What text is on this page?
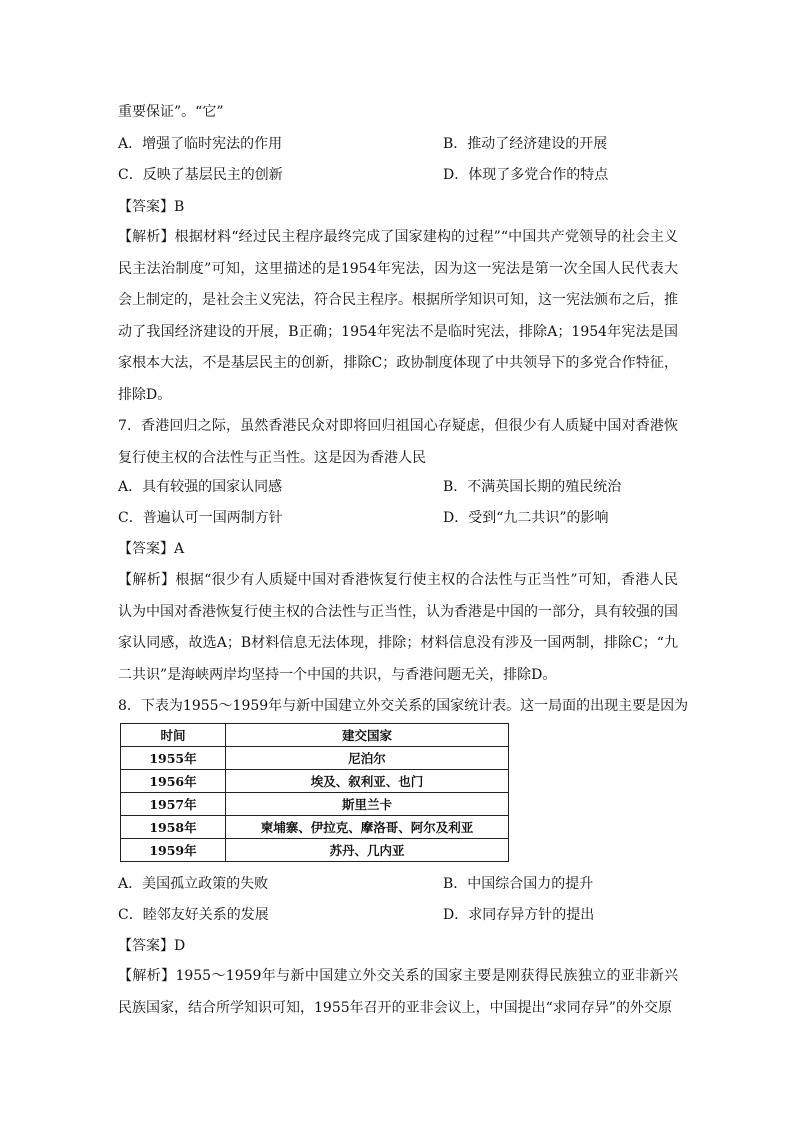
重要保证”。“它”
A．增强了临时宪法的作用	B．推动了经济建设的开展
C．反映了基层民主的创新	D．体现了多党合作的特点
【答案】B
【解析】根据材料“经过民主程序最终完成了国家建构的过程”“中国共产党领导的社会主义民主法治制度”可知，这里描述的是1954年宪法，因为这一宪法是第一次全国人民代表大会上制定的，是社会主义宪法，符合民主程序。根据所学知识可知，这一宪法颁布之后，推动了我国经济建设的开展，B正确；1954年宪法不是临时宪法，排除A；1954年宪法是国家根本大法，不是基层民主的创新，排除C；政协制度体现了中共领导下的多党合作特征，排除D。
7．香港回归之际，虽然香港民众对即将回归祖国心存疑虑，但很少有人质疑中国对香港恢复行使主权的合法性与正当性。这是因为香港人民
A．具有较强的国家认同感	B．不满英国长期的殖民统治
C．普遍认可一国两制方针	D．受到“九二共识”的影响
【答案】A
【解析】根据“很少有人质疑中国对香港恢复行使主权的合法性与正当性”可知，香港人民认为中国对香港恢复行使主权的合法性与正当性，认为香港是中国的一部分，具有较强的国家认同感，故选A；B材料信息无法体现，排除；材料信息没有涉及一国两制，排除C；“九二共识”是海峡两岸均坚持一个中国的共识，与香港问题无关，排除D。
8．下表为1955～1959年与新中国建立外交关系的国家统计表。这一局面的出现主要是因为
时间	建交国家
1955年	尼泊尔
1956年	埃及、叙利亚、也门
1957年	斯里兰卡
1958年	柬埔寨、伊拉克、摩洛哥、阿尔及利亚
1959年	苏丹、几内亚
A．美国孤立政策的失败	B．中国综合国力的提升
C．睦邻友好关系的发展	D．求同存异方针的提出
【答案】D
【解析】1955～1959年与新中国建立外交关系的国家主要是刚获得民族独立的亚非新兴民族国家，结合所学知识可知，1955年召开的亚非会议上，中国提出“求同存异”的外交原
